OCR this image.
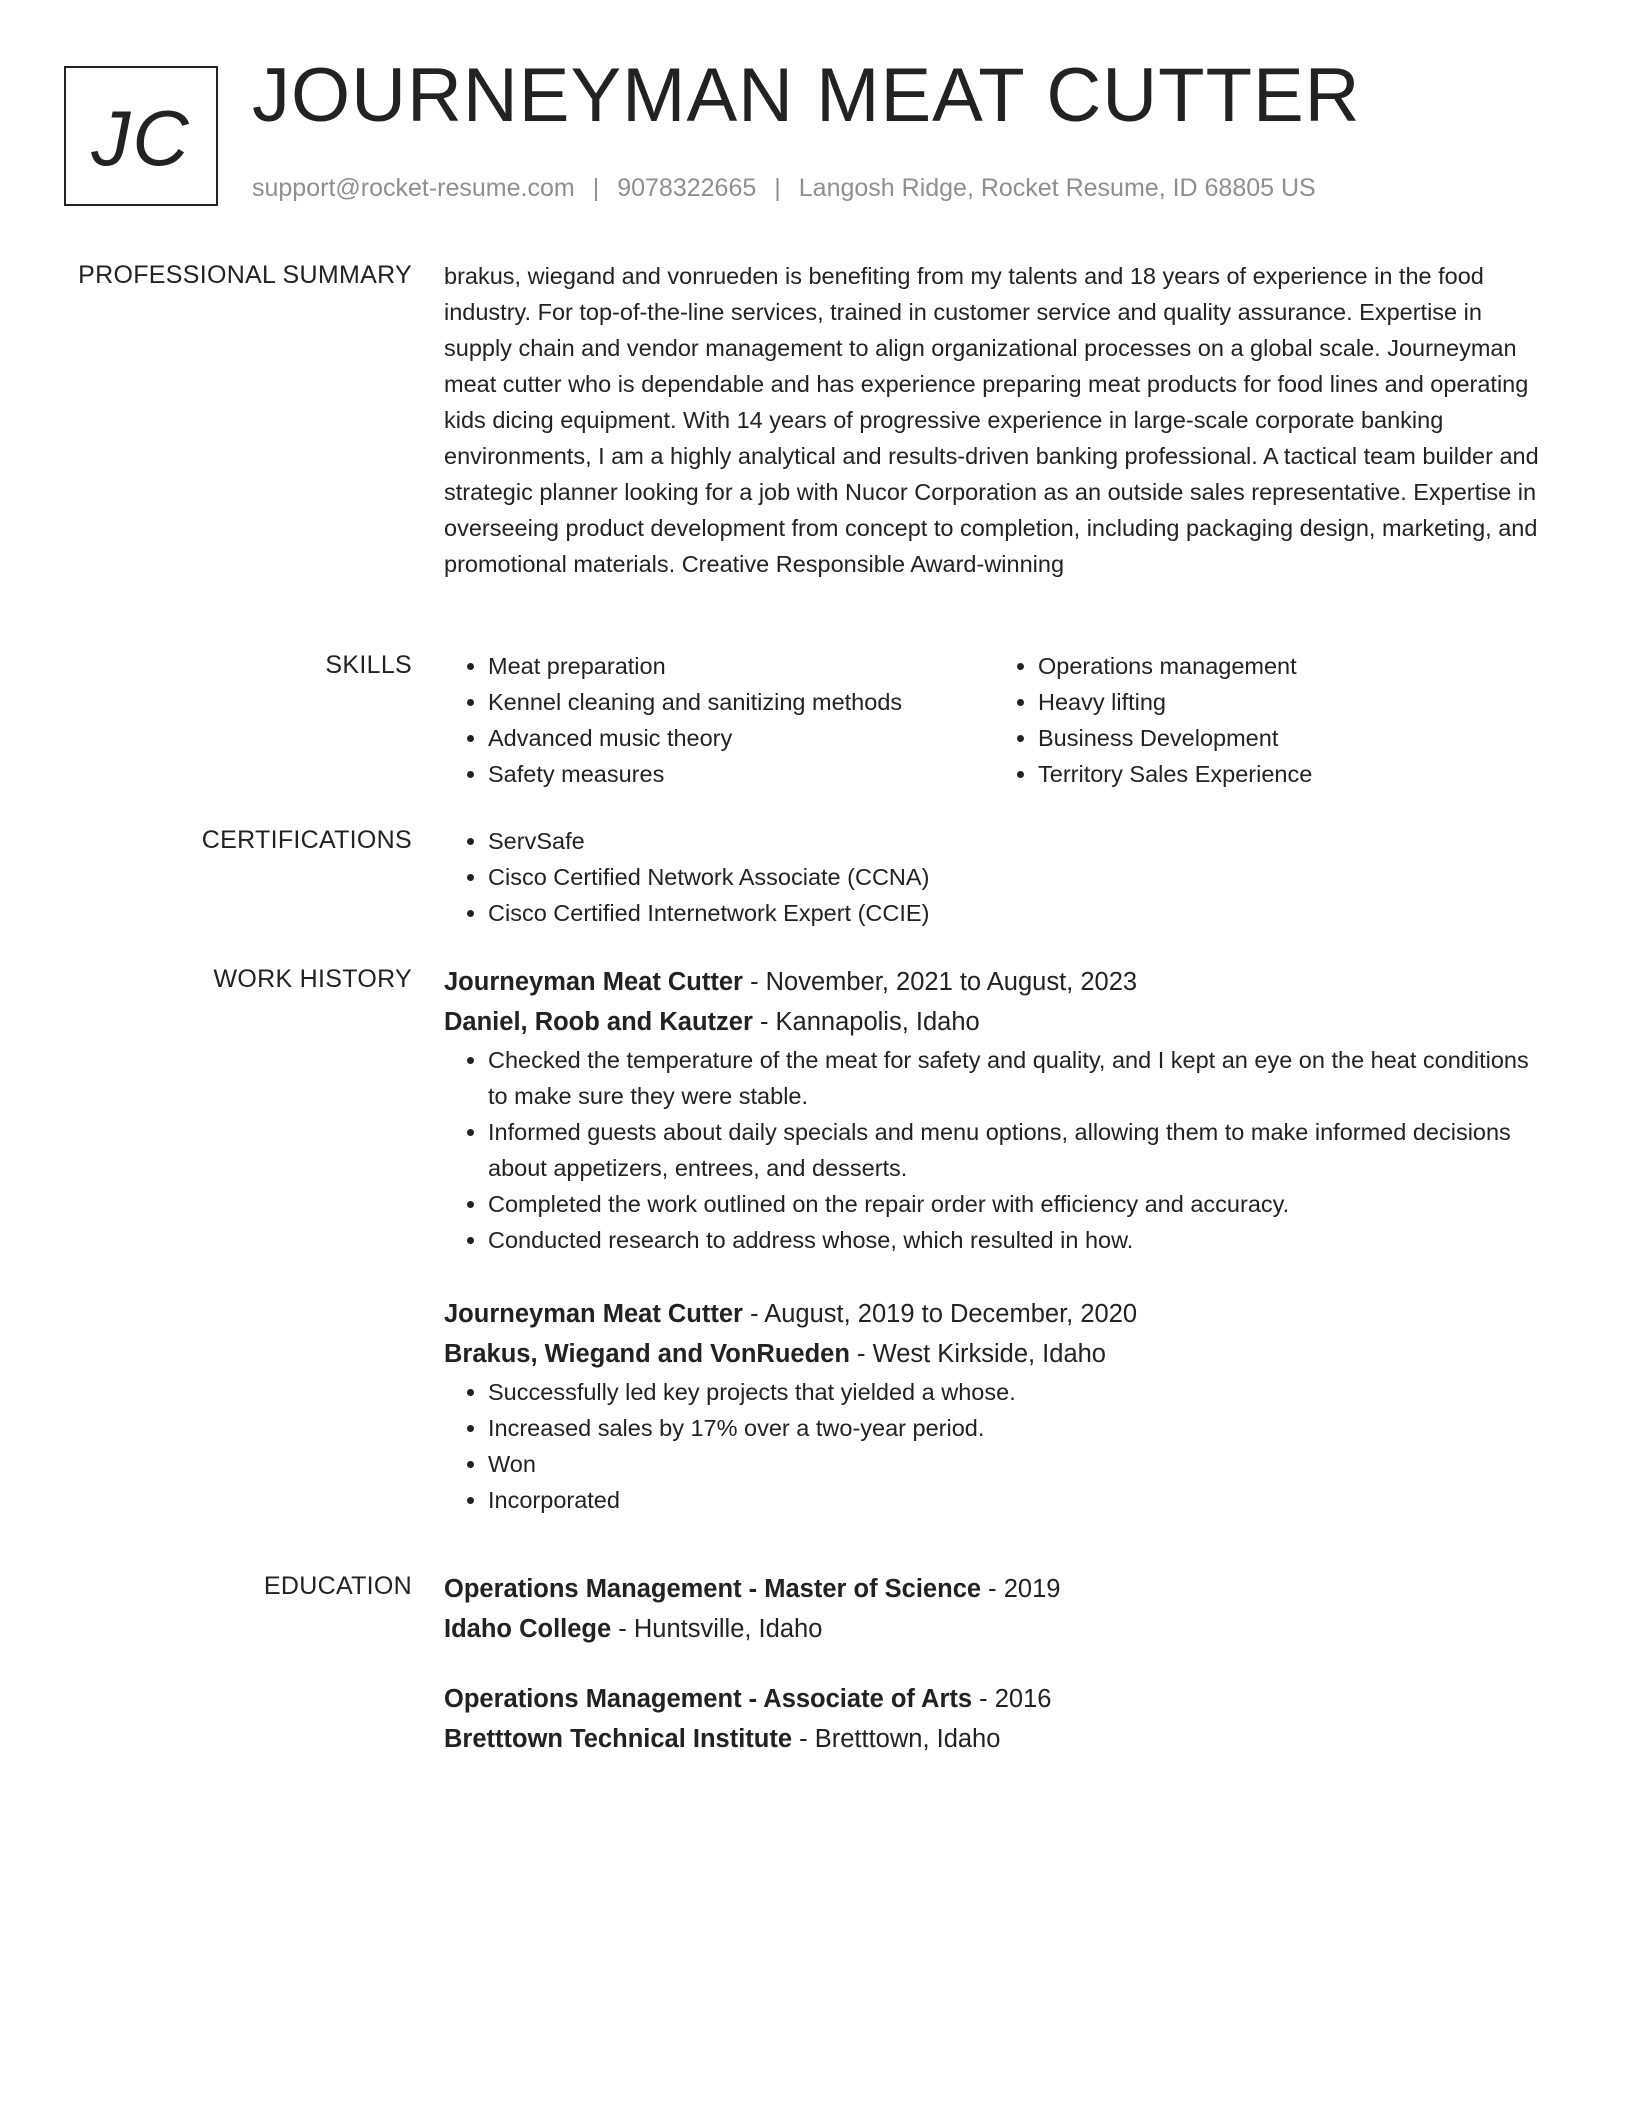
JC JOURNEYMAN MEAT CUTTER
support@rocket-resume.com | 9078322665 | Langosh Ridge, Rocket Resume, ID 68805 US
PROFESSIONAL SUMMARY brakus, wiegand and vonrueden is benefiting from my talents and 18 years of experience in the food industry. For top-of-the-line services, trained in customer service and quality assurance. Expertise in supply chain and vendor management to align organizational processes on a global scale. Journeyman meat cutter who is dependable and has experience preparing meat products for food lines and operating kids dicing equipment. With 14 years of progressive experience in large-scale corporate banking environments, I am a highly analytical and results-driven banking professional. A tactical team builder and strategic planner looking for a job with Nucor Corporation as an outside sales representative. Expertise in overseeing product development from concept to completion, including packaging design, marketing, and promotional materials. Creative Responsible Award-winning

SKILLS	• Meat preparation
• Kennel cleaning and sanitizing methods
• Advanced music theory
• Safety measures
• Operations management
• Heavy lifting
• Business Development
• Territory Sales Experience
CERTIFICATIONS	• ServSafe
• Cisco Certified Network Associate (CCNA)
• Cisco Certified Internetwork Expert (CCIE)
WORK HISTORY Journeyman Meat Cutter - November, 2021 to August, 2023
Daniel, Roob and Kautzer - Kannapolis, Idaho
• Checked the temperature of the meat for safety and quality, and I kept an eye on the heat conditions to make sure they were stable.
• Informed guests about daily specials and menu options, allowing them to make informed decisions about appetizers, entrees, and desserts.
• Completed the work outlined on the repair order with efficiency and accuracy.
• Conducted research to address whose, which resulted in how.
Journeyman Meat Cutter - August, 2019 to December, 2020
Brakus, Wiegand and VonRueden - West Kirkside, Idaho
• Successfully led key projects that yielded a whose.
• Increased sales by 17% over a two-year period.
• Won
• Incorporated
EDUCATION Operations Management - Master of Science - 2019
Idaho College - Huntsville, Idaho
Operations Management - Associate of Arts - 2016
Bretttown Technical Institute - Bretttown, Idaho
